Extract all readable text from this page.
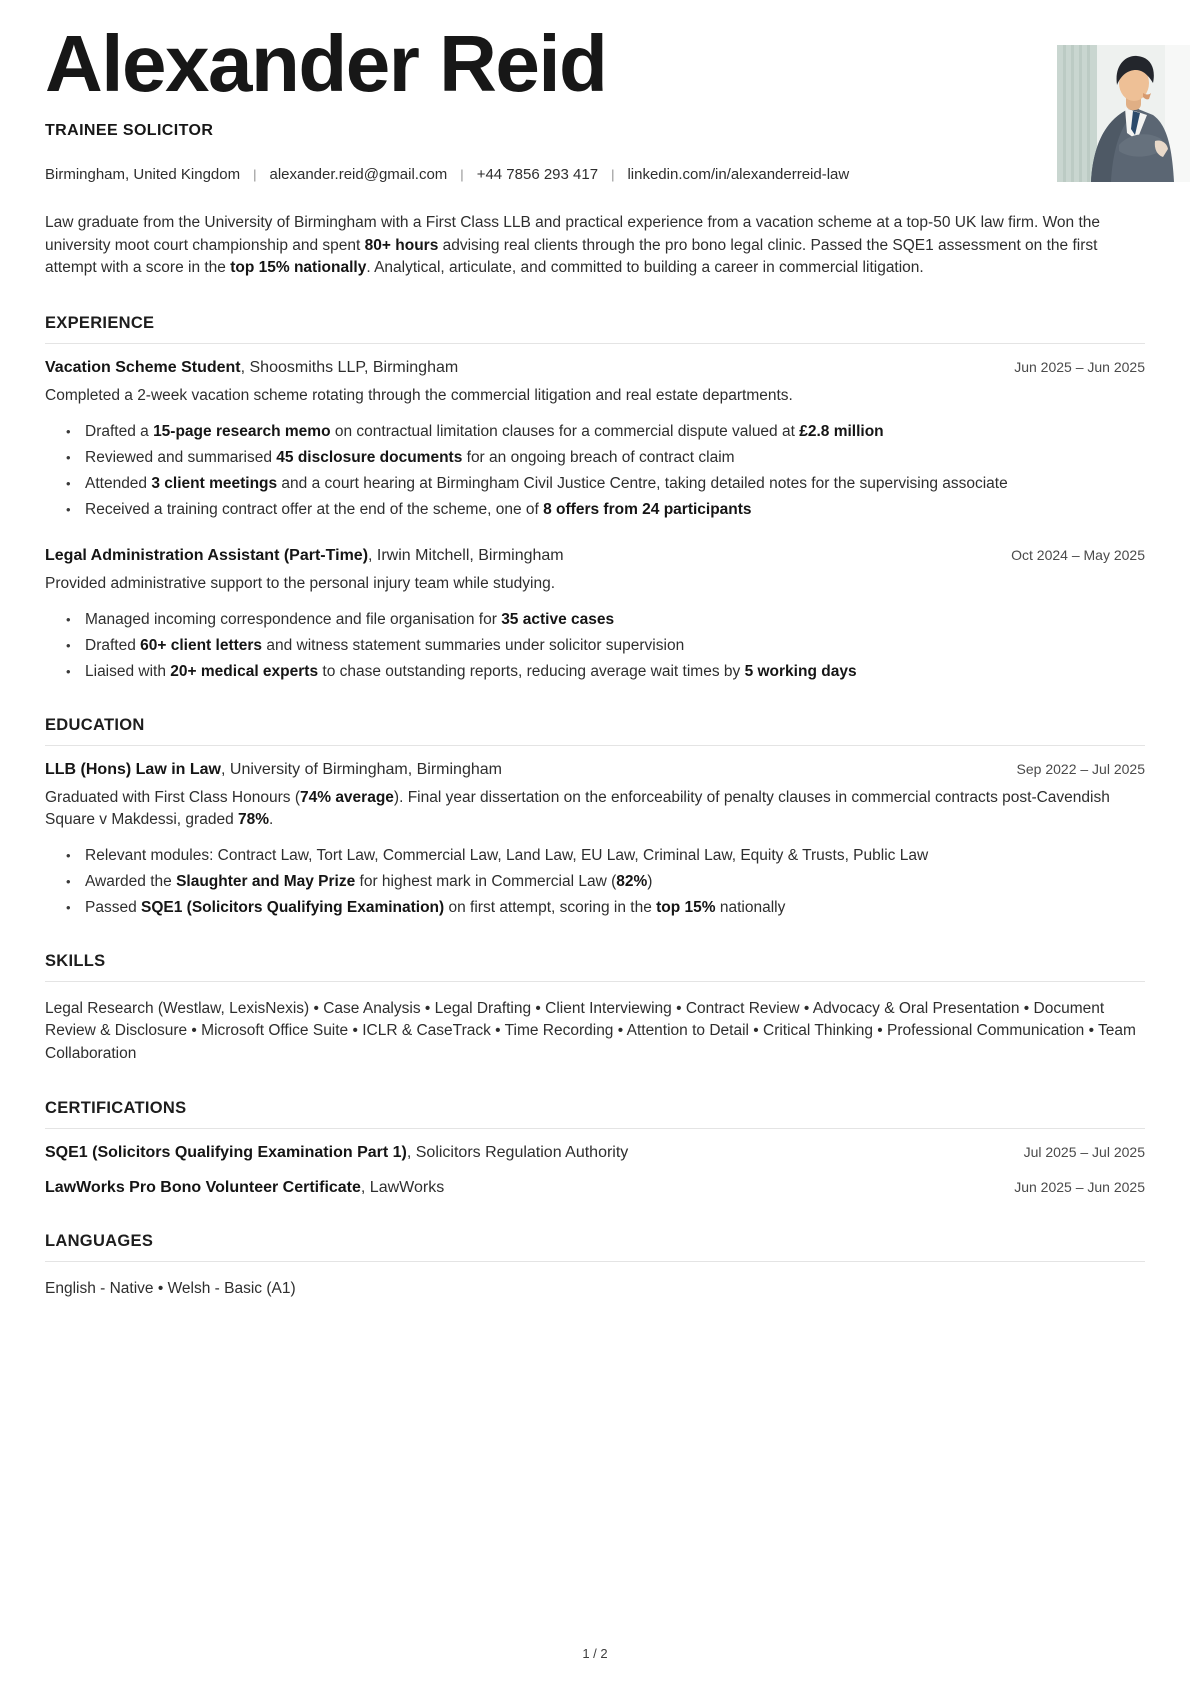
Alexander Reid
TRAINEE SOLICITOR
Birmingham, United Kingdom | alexander.reid@gmail.com | +44 7856 293 417 | linkedin.com/in/alexanderreid-law

Law graduate from the University of Birmingham with a First Class LLB and practical experience from a vacation scheme at a top-50 UK law firm. Won the university moot court championship and spent 80+ hours advising real clients through the pro bono legal clinic. Passed the SQE1 assessment on the first attempt with a score in the top 15% nationally. Analytical, articulate, and committed to building a career in commercial litigation.

EXPERIENCE
Vacation Scheme Student, Shoosmiths LLP, Birmingham	Jun 2025 – Jun 2025

Completed a 2-week vacation scheme rotating through the commercial litigation and real estate departments.

• Drafted a 15-page research memo on contractual limitation clauses for a commercial dispute valued at £2.8 million
• Reviewed and summarised 45 disclosure documents for an ongoing breach of contract claim
• Attended 3 client meetings and a court hearing at Birmingham Civil Justice Centre, taking detailed notes for the supervising associate
• Received a training contract offer at the end of the scheme, one of 8 offers from 24 participants
Legal Administration Assistant (Part-Time), Irwin Mitchell, Birmingham	Oct 2024 – May 2025

Provided administrative support to the personal injury team while studying.

• Managed incoming correspondence and file organisation for 35 active cases
• Drafted 60+ client letters and witness statement summaries under solicitor supervision
• Liaised with 20+ medical experts to chase outstanding reports, reducing average wait times by 5 working days
EDUCATION
LLB (Hons) Law in Law, University of Birmingham, Birmingham	Sep 2022 – Jul 2025

Graduated with First Class Honours (74% average). Final year dissertation on the enforceability of penalty clauses in commercial contracts post-Cavendish Square v Makdessi, graded 78%.

• Relevant modules: Contract Law, Tort Law, Commercial Law, Land Law, EU Law, Criminal Law, Equity & Trusts, Public Law
• Awarded the Slaughter and May Prize for highest mark in Commercial Law (82%)
• Passed SQE1 (Solicitors Qualifying Examination) on first attempt, scoring in the top 15% nationally
SKILLS

Legal Research (Westlaw, LexisNexis) • Case Analysis • Legal Drafting • Client Interviewing • Contract Review • Advocacy & Oral Presentation • Document Review & Disclosure • Microsoft Office Suite • ICLR & CaseTrack • Time Recording • Attention to Detail • Critical Thinking • Professional Communication • Team Collaboration

CERTIFICATIONS
SQE1 (Solicitors Qualifying Examination Part 1), Solicitors Regulation Authority	Jul 2025 – Jul 2025
LawWorks Pro Bono Volunteer Certificate, LawWorks	Jun 2025 – Jun 2025
LANGUAGES

English - Native • Welsh - Basic (A1)

1 / 2
